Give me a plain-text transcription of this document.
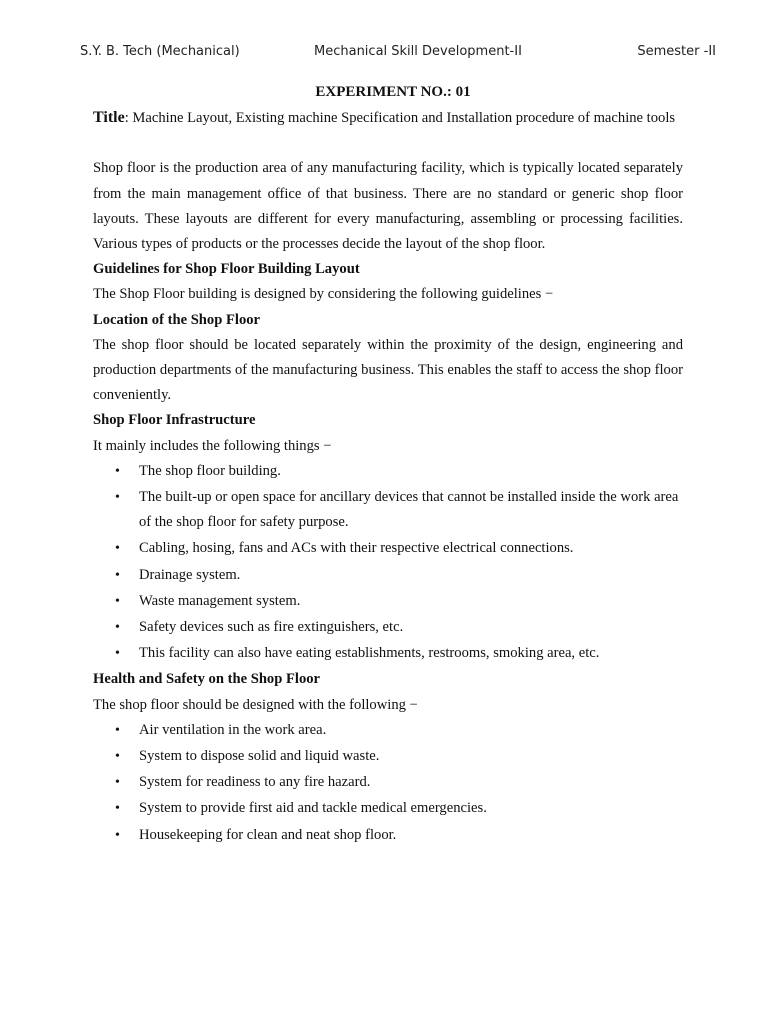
S.Y. B. Tech (Mechanical)	Mechanical Skill Development-II	Semester -II
EXPERIMENT NO.: 01

Title: Machine Layout, Existing machine Specification and Installation procedure of machine tools

Shop floor is the production area of any manufacturing facility, which is typically located separately from the main management office of that business. There are no standard or generic shop floor layouts. These layouts are different for every manufacturing, assembling or processing facilities. Various types of products or the processes decide the layout of the shop floor.

Guidelines for Shop Floor Building Layout

The Shop Floor building is designed by considering the following guidelines −

Location of the Shop Floor

The shop floor should be located separately within the proximity of the design, engineering and production departments of the manufacturing business. This enables the staff to access the shop floor conveniently.

Shop Floor Infrastructure

It mainly includes the following things −

• The shop floor building.
• The built-up or open space for ancillary devices that cannot be installed inside the work area of the shop floor for safety purpose.
• Cabling, hosing, fans and ACs with their respective electrical connections.
• Drainage system.
• Waste management system.
• Safety devices such as fire extinguishers, etc.
• This facility can also have eating establishments, restrooms, smoking area, etc.
Health and Safety on the Shop Floor

The shop floor should be designed with the following −

• Air ventilation in the work area.
• System to dispose solid and liquid waste.
• System for readiness to any fire hazard.
• System to provide first aid and tackle medical emergencies.
• Housekeeping for clean and neat shop floor.
